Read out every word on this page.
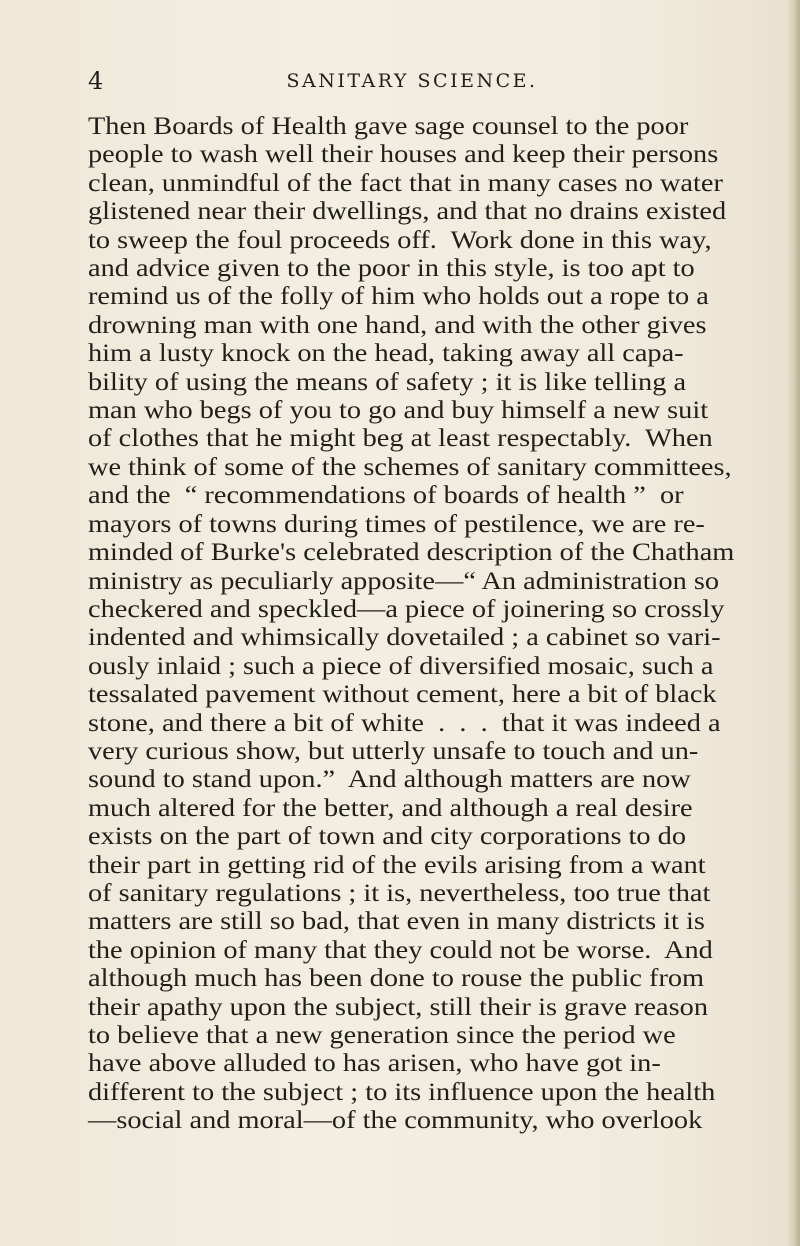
4	SANITARY SCIENCE.
Then Boards of Health gave sage counsel to the poor
people to wash well their houses and keep their persons
clean, unmindful of the fact that in many cases no water
glistened near their dwellings, and that no drains existed
to sweep the foul proceeds off.  Work done in this way,
and advice given to the poor in this style, is too apt to
remind us of the folly of him who holds out a rope to a
drowning man with one hand, and with the other gives
him a lusty knock on the head, taking away all capa-
bility of using the means of safety ; it is like telling a
man who begs of you to go and buy himself a new suit
of clothes that he might beg at least respectably.  When
we think of some of the schemes of sanitary committees,
and the  “ recommendations of boards of health ”  or
mayors of towns during times of pestilence, we are re-
minded of Burke's celebrated description of the Chatham
ministry as peculiarly apposite—“ An administration so
checkered and speckled—a piece of joinering so crossly
indented and whimsically dovetailed ; a cabinet so vari-
ously inlaid ; such a piece of diversified mosaic, such a
tessalated pavement without cement, here a bit of black
stone, and there a bit of white  .  .  .  that it was indeed a
very curious show, but utterly unsafe to touch and un-
sound to stand upon.”  And although matters are now
much altered for the better, and although a real desire
exists on the part of town and city corporations to do
their part in getting rid of the evils arising from a want
of sanitary regulations ; it is, nevertheless, too true that
matters are still so bad, that even in many districts it is
the opinion of many that they could not be worse.  And
although much has been done to rouse the public from
their apathy upon the subject, still their is grave reason
to believe that a new generation since the period we
have above alluded to has arisen, who have got in-
different to the subject ; to its influence upon the health
—social and moral—of the community, who overlook
